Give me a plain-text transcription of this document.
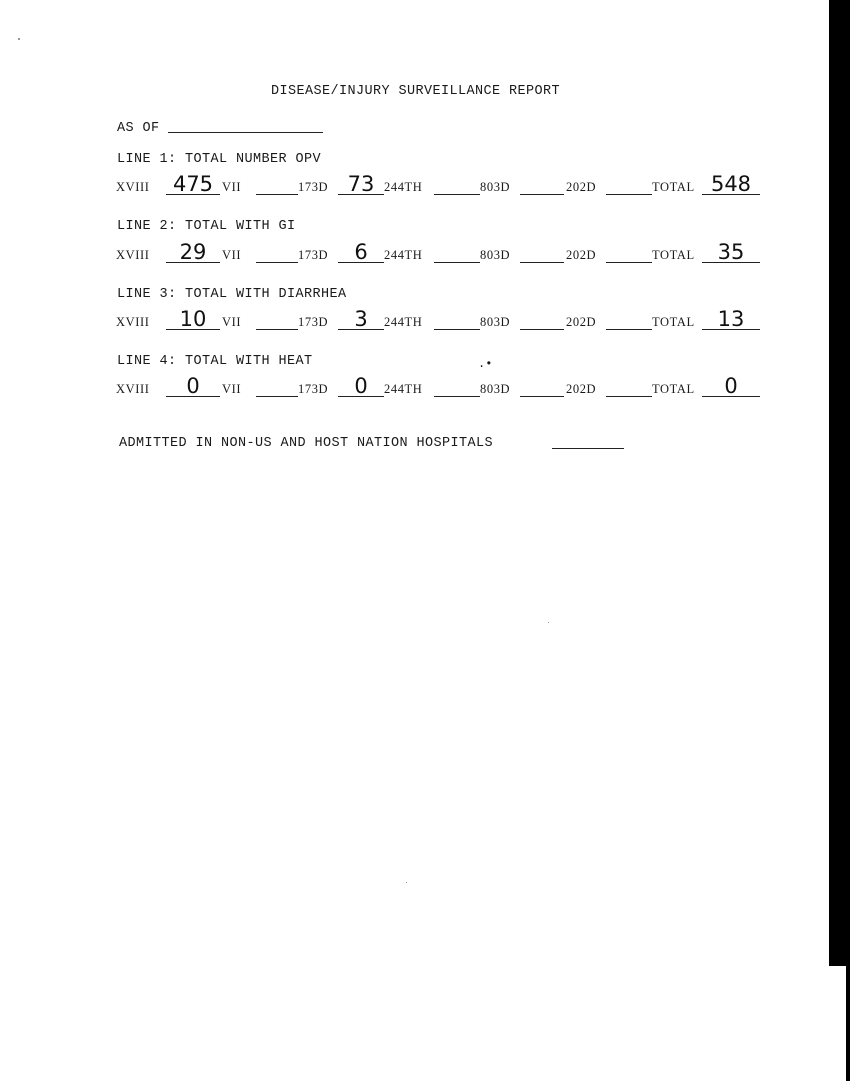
DISEASE/INJURY SURVEILLANCE REPORT
AS OF
LINE 1: TOTAL NUMBER OPV
XVIII	475 VII	173D 73 244TH	803D	202D	TOTAL 548
LINE 2: TOTAL WITH GI
XVIII	29	VII	173D	6	244TH	803D	202D	TOTAL	35
LINE 3: TOTAL WITH DIARRHEA
XVIII	10	VII	173D	3	244TH	803D	202D	TOTAL	13
LINE 4: TOTAL WITH HEAT	.•
XVIII	0	VII	173D	0	244TH	803D	202D	TOTAL	0
ADMITTED IN NON-US AND HOST NATION HOSPITALS
